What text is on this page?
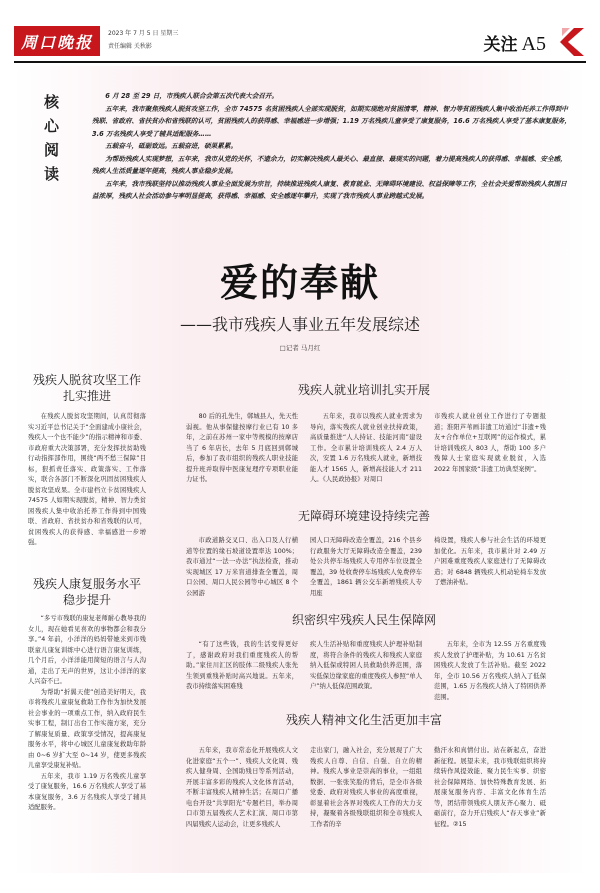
周口晚报	2023 年 7 月 5 日 星期三
责任编辑 关秋影	关注 A5
核
心
阅
读

6 月 28 至 29 日，市残疾人联合会第五次代表大会召开。

五年来，我市聚焦残疾人脱贫攻坚工作，全市 74575 名贫困残疾人全部实现脱贫，如期实现绝对贫困清零，精神、智力等贫困残疾人集中收治托养工作得到中残联、省政府、省扶贫办和省残联的认可，贫困残疾人的获得感、幸福感进一步增强；1.19 万名残疾儿童享受了康复服务，16.6 万名残疾人享受了基本康复服务，3.6 万名残疾人享受了辅具适配服务……

五载奋斗，砥砺致远。五载奋进，硕果累累。

为帮助残疾人实现梦想，五年来，我市从党的关怀，不遗余力，切实解决残疾人最关心、最直接、最现实的问题，着力提高残疾人的获得感、幸福感、安全感，残疾人生活质量逐年提高，残疾人事业稳步发展。

五年来，我市残联坚持以推动残疾人事业全面发展为宗旨，持续推进残疾人康复、教育就业、无障碍环境建设、权益保障等工作，全社会关爱帮助残疾人氛围日益浓厚，残疾人社会活动参与率明显提高，获得感、幸福感、安全感逐年攀升，实现了我市残疾人事业跨越式发展。

爱的奉献
——我市残疾人事业五年发展综述
□记者 马月红
残疾人脱贫攻坚工作扎实推进

在残疾人脱贫攻坚期间，认真贯彻落实习近平总书记关于“全面建成小康社会，残疾人一个也不能少”的指示精神和市委、市政府重大决策部署，充分发挥扶贫助残行动指挥部作用，围绕“两不愁三保障”目标，狠抓责任落实、政策落实、工作落实，联合各部门不断深化巩固贫困残疾人脱贫攻坚成果。全市建档立卡贫困残疾人 74575 人如期实现脱贫，精神、智力类贫困残疾人集中收治托养工作得到中国残联、省政府、省扶贫办和省残联的认可，贫困残疾人的获得感、幸福感进一步增强。

残疾人就业培训扎实开展

80 后的孔先生，郸城县人，先天性弱视。他从事保健按摩行业已有 10 多年，之前在苏州一家中等规模的按摩店当了 6 年店长，去年 5 月底回到郸城后，参加了我市组织的残疾人职业技能提升班并取得中医康复理疗专项职业能力证书。

五年来，我市以残疾人就业需求为导向，落实残疾人就业创业扶持政策，高质量推进“人人持证、技能河南”建设工作。全市累计培训残疾人 2.4 万人次，安置 1.6 万名残疾人就业，新增技能人才 1565 人，新增高技能人才 211 人。《人民政协报》对周口

市残疾人就业创业工作进行了专题报道；淮阳芦苇画非遗工坊通过“非遗+残友+合作单位+互联网”的运作模式，累计培训残疾人 803 人，帮助 100 多户残障人士家庭实现就业脱贫，入选 2022 年国家级“非遗工坊典型案例”。
无障碍环境建设持续完善

市政道路交叉口、出入口及人行横道等位置的缘石坡道设置率达 100%；我市通过“一法一办法”执法检查，推动实现城区 17 万米盲道排查全覆盖，周口公园、周口人民公园等中心城区 8 个公园游

园人口无障碍改造全覆盖，216 个县乡行政服务大厅无障碍改造全覆盖，239 处公共停车场残疾人专用停车位设置全覆盖，39 处收费停车场残疾人免费停车全覆盖，1861 辆公交车新增残疾人专用座
椅设置，残疾人参与社会生活的环境更加优化。五年来，我市累计对 2.49 万户困难重度残疾人家庭进行了无障碍改造；对 6848 辆残疾人机动轮椅车发放了燃油补贴。
残疾人康复服务水平稳步提升

“多亏市残联的康复老师耐心教导我的女儿，现在她看见喜欢的事物都会和我分享。”4 年前，小洋洋的妈妈带她来到市残联童儿康复训练中心进行语言康复训练，几个月后，小洋洋能用简短的语言与人沟通，走出了无声的世界，这让小洋洋的家人兴奋不已。

为帮助“折翼天使”创造美好明天，我市将残疾儿童康复救助工作作为加快发展社会事业的一项重点工作，纳入政府民生实事工程，制订出台工作实施方案，充分了解康复质量、政策享受情况，提高康复服务水平，将中心城区儿童康复救助年龄由 0~6 岁扩大至 0~14 岁，使更多残疾儿童享受康复补贴。

五年来，我市 1.19 万名残疾儿童享受了康复服务，16.6 万名残疾人享受了基本康复服务，3.6 万名残疾人享受了辅具适配服务。

织密织牢残疾人民生保障网

“有了这些钱，我的生活变得更好了，感谢政府对我们重度残疾人的帮助。”家住川汇区的肢体二级残疾人张先生领到重残补贴时高兴地说。五年来，我市持续落实困难残

疾人生活补贴和重度残疾人护理补贴制度，将符合条件的残疾人和残疾人家庭纳入低保或特困人员救助供养范围，落实低保边缘家庭的重度残疾人参照“单人户”纳人低保范围政策。

五年来，全市为 12.55 万名重度残疾人发放了护理补贴，为 10.61 万名贫困残疾人发放了生活补贴。截至 2022 年，全市 10.56 万名残疾人纳入了低保范围，1.65 万名残疾人纳入了特困供养范围。

残疾人精神文化生活更加丰富

五年来，我市常态化开展残疾人文化进家庭“五个一”、残疾人文化周、残疾人健身周、全国助残日等系列活动，开展丰富多彩的残疾人文化体育活动，不断丰富残疾人精神生活；在周口广播电台开设“共享阳光”专题栏目，举办周口市第五届残疾人艺术汇演、周口市第四届残疾人运动会，让更多残疾人

走出家门，融入社会，充分展现了广大残疾人自尊、自信、自强、自立的精神。残疾人事业是崇高的事业，一组组数据、一张张笑脸的背后，是全市各级党委、政府对残疾人事业的高度重视，彰显着社会各界对残疾人工作的大力支持，凝聚着各级残联组织和全市残疾人工作者的辛
勤汗水和真情付出。站在新起点，奋进新征程。展望未来，我市残联组织将持续转作风提效能、聚力民生实事、织密社会保障网络、加快特殊教育发展、拓展康复服务内容、丰富文化体育生活等，团结带领残疾人朋友齐心聚力、砥砺前行，奋力开启残疾人“春天事业”新征程。②15
